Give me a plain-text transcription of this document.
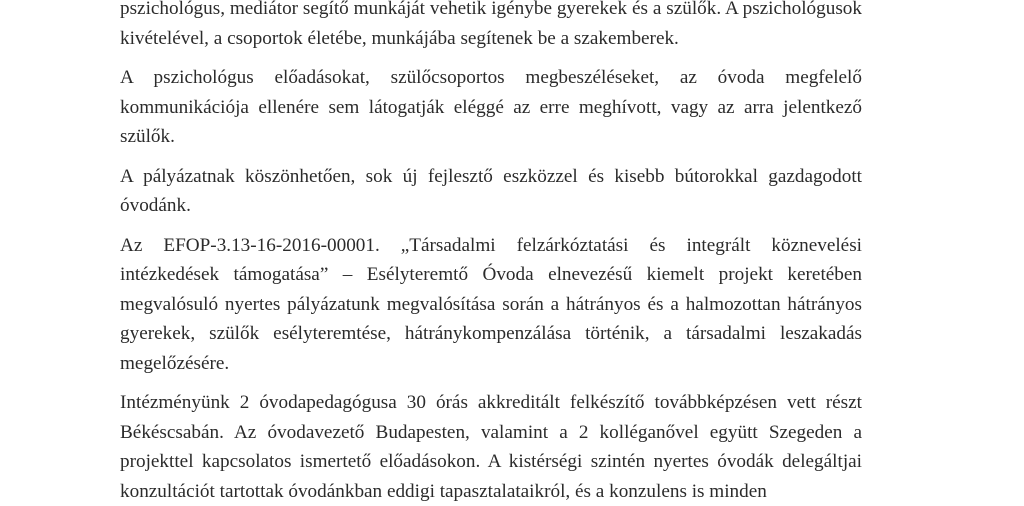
pszichológus, mediátor segítő munkáját vehetik igénybe gyerekek és a szülők. A pszichológusok kivételével, a csoportok életébe, munkájába segítenek be a szakemberek.

A pszichológus előadásokat, szülőcsoportos megbeszéléseket, az óvoda megfelelő kommunikációja ellenére sem látogatják eléggé az erre meghívott, vagy az arra jelentkező szülők.

A pályázatnak köszönhetően, sok új fejlesztő eszközzel és kisebb bútorokkal gazdagodott óvodánk.

Az EFOP-3.13-16-2016-00001. „Társadalmi felzárkóztatási és integrált köznevelési intézkedések támogatása” – Esélyteremtő Óvoda elnevezésű kiemelt projekt keretében megvalósuló nyertes pályázatunk megvalósítása során a hátrányos és a halmozottan hátrányos gyerekek, szülők esélyteremtése, hátránykompenzálása történik, a társadalmi leszakadás megelőzésére.

Intézményünk 2 óvodapedagógusa 30 órás akkreditált felkészítő továbbképzésen vett részt Békéscsabán. Az óvodavezető Budapesten, valamint a 2 kolléganővel együtt Szegeden a projekttel kapcsolatos ismertető előadásokon. A kistérségi szintén nyertes óvodák delegáltjai konzultációt tartottak óvodánkban eddigi tapasztalataikról, és a konzulens is minden
